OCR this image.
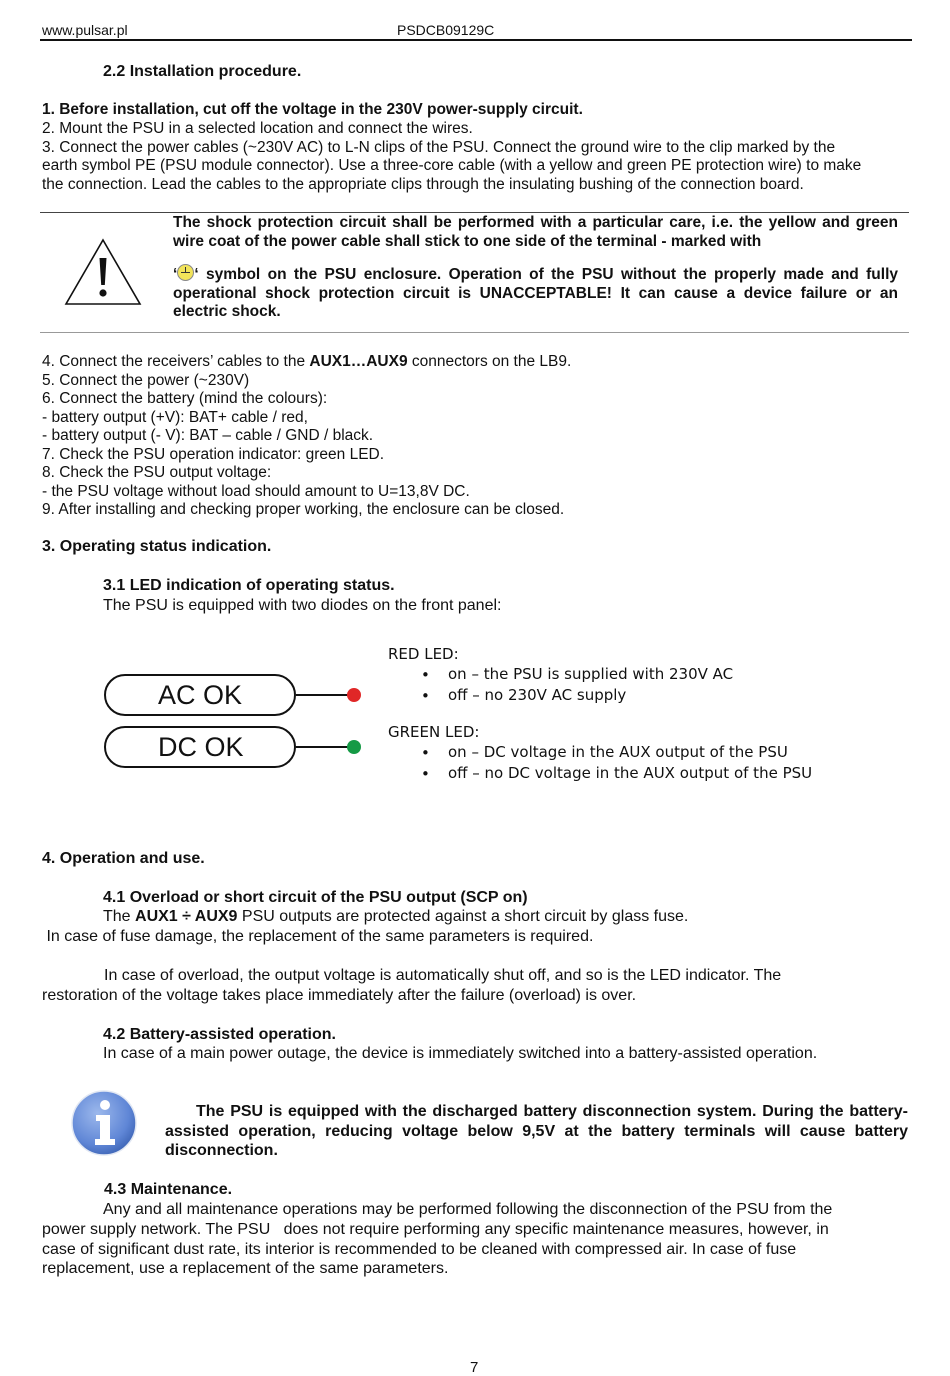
www.pulsar.pl	PSDCB09129C
2.2 Installation procedure.
1. Before installation, cut off the voltage in the 230V power-supply circuit.
2. Mount the PSU in a selected location and connect the wires.
3. Connect the power cables (~230V AC) to L-N clips of the PSU. Connect the ground wire to the clip marked by the
earth symbol PE (PSU module connector). Use a three-core cable (with a yellow and green PE protection wire) to make
the connection. Lead the cables to the appropriate clips through the insulating bushing of the connection board.
The shock protection circuit shall be performed with a particular care, i.e. the yellow and green wire coat of the power cable shall stick to one side of the terminal - marked with
‘ ‘ symbol on the PSU enclosure. Operation of the PSU without the properly made and fully operational shock protection circuit is UNACCEPTABLE! It can cause a device failure or an electric shock.
4. Connect the receivers’ cables to the AUX1…AUX9 connectors on the LB9.
5. Connect the power (~230V)
6. Connect the battery (mind the colours):
- battery output (+V): BAT+ cable / red,
- battery output (- V): BAT – cable / GND / black.
7. Check the PSU operation indicator: green LED.
8. Check the PSU output voltage:
- the PSU voltage without load should amount to U=13,8V DC.
9. After installing and checking proper working, the enclosure can be closed.
3. Operating status indication.
3.1 LED indication of operating status.
The PSU is equipped with two diodes on the front panel:
AC OK
DC OK
RED LED:
• on – the PSU is supplied with 230V AC
• off – no 230V AC supply
GREEN LED:
• on – DC voltage in the AUX output of the PSU
• off – no DC voltage in the AUX output of the PSU
4. Operation and use.
4.1 Overload or short circuit of the PSU output (SCP on)
The AUX1 ÷ AUX9 PSU outputs are protected against a short circuit by glass fuse.
In case of fuse damage, the replacement of the same parameters is required.
In case of overload, the output voltage is automatically shut off, and so is the LED indicator. The
restoration of the voltage takes place immediately after the failure (overload) is over.
4.2 Battery-assisted operation.
In case of a main power outage, the device is immediately switched into a battery-assisted operation.
The PSU is equipped with the discharged battery disconnection system. During the battery-assisted operation, reducing voltage below 9,5V at the battery terminals will cause battery disconnection.
4.3 Maintenance.
Any and all maintenance operations may be performed following the disconnection of the PSU from the
power supply network. The PSU   does not require performing any specific maintenance measures, however, in
case of significant dust rate, its interior is recommended to be cleaned with compressed air. In case of fuse
replacement, use a replacement of the same parameters.
7
